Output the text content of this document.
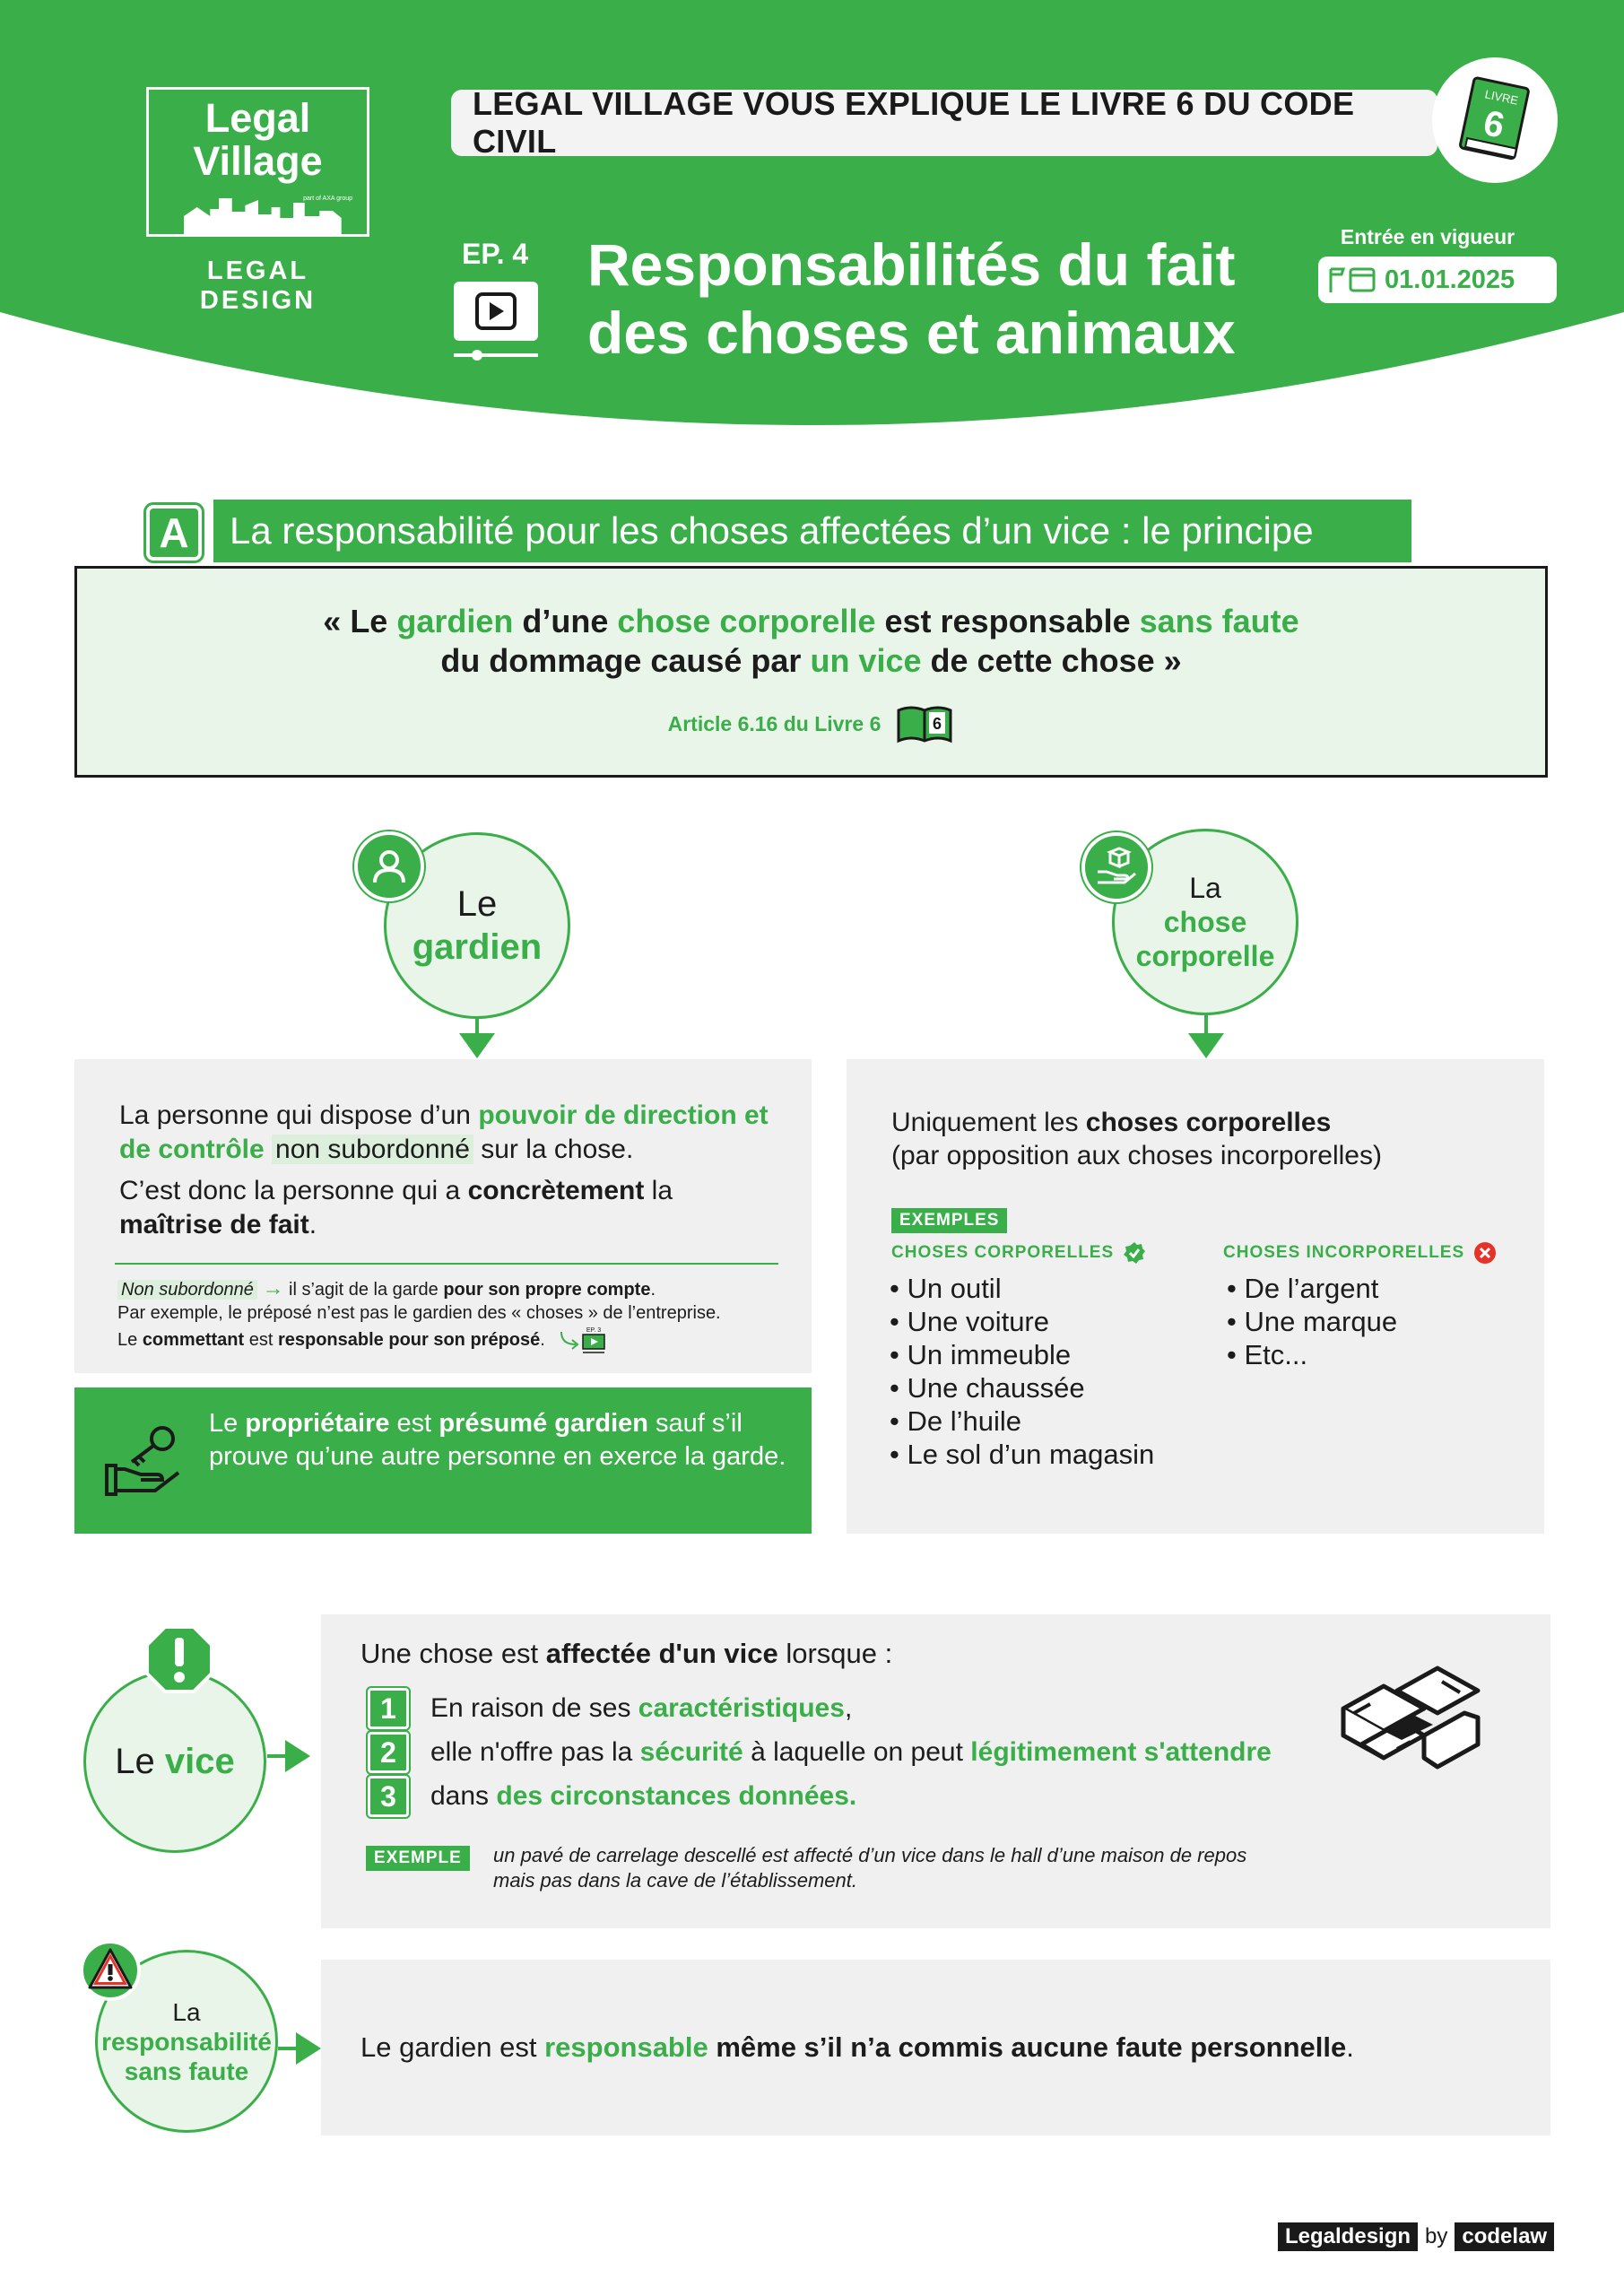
Legal Village
part of AXA group
LEGAL DESIGN
LEGAL VILLAGE VOUS EXPLIQUE LE LIVRE 6 DU CODE CIVIL
LIVRE
6
EP. 4 Responsabilités du fait
des choses et animaux
Entrée en vigueur
01.01.2025
A	La responsabilité pour les choses affectées d’un vice : le principe
« Le gardien d’une chose corporelle est responsable sans faute
du dommage causé par un vice de cette chose »
Article 6.16 du Livre 6	6
Le
gardien
La
chose
corporelle
La personne qui dispose d’un pouvoir de direction et de contrôle non subordonné sur la chose.
C’est donc la personne qui a concrètement la maîtrise de fait.
Non subordonné → il s’agit de la garde pour son propre compte.
Par exemple, le préposé n’est pas le gardien des « choses » de l’entreprise.
Le commettant est responsable pour son préposé.	EP. 3
Le propriétaire est présumé gardien sauf s’il prouve qu’une autre personne en exerce la garde.
Uniquement les choses corporelles
(par opposition aux choses incorporelles)
EXEMPLES
CHOSES CORPORELLES	CHOSES INCORPORELLES
• Un outil
• Une voiture
• Un immeuble
• Une chaussée
• De l’huile
• Le sol d’un magasin
• De l’argent
• Une marque
• Etc...
Le vice
Une chose est affectée d'un vice lorsque :
1	En raison de ses caractéristiques,
2	elle n'offre pas la sécurité à laquelle on peut légitimement s'attendre
3	dans des circonstances données.
EXEMPLE	un pavé de carrelage descellé est affecté d’un vice dans le hall d’une maison de repos
mais pas dans la cave de l’établissement.
La
responsabilité
sans faute
Le gardien est responsable même s’il n’a commis aucune faute personnelle.
Legaldesign by codelaw
